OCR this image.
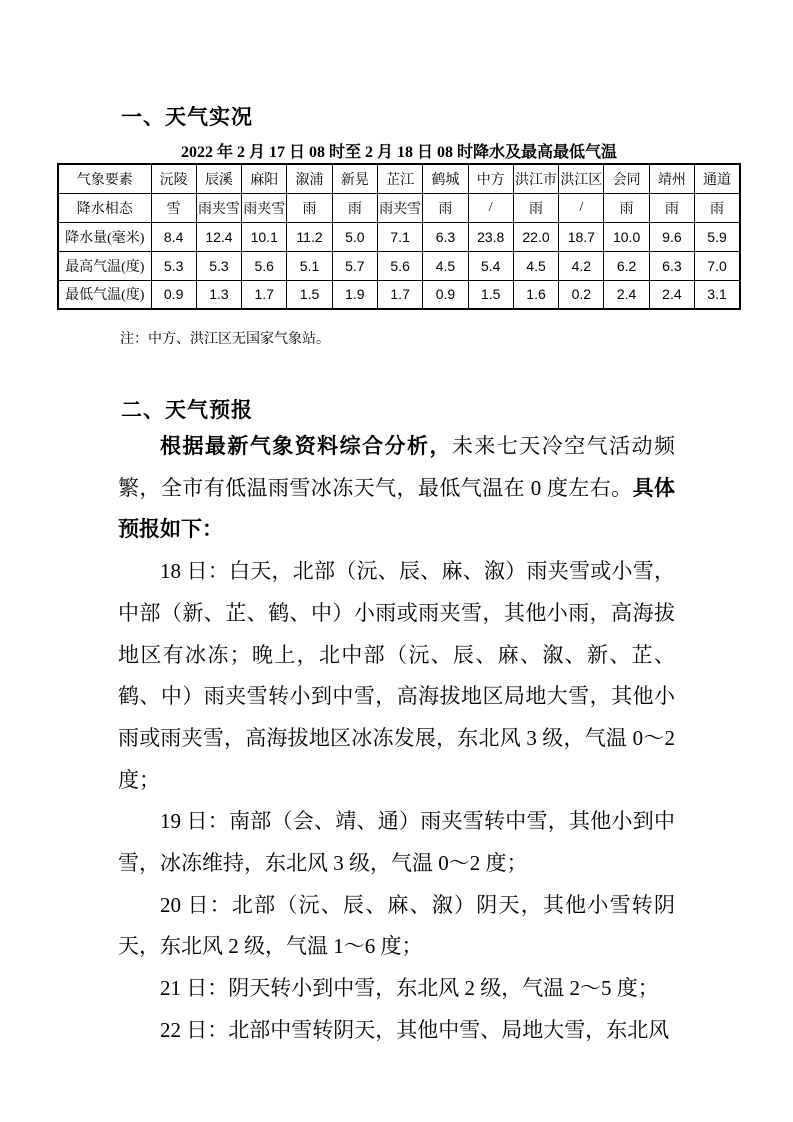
一、天气实况
2022 年 2 月 17 日 08 时至 2 月 18 日 08 时降水及最高最低气温
气象要素	沅陵	辰溪	麻阳	溆浦	新晃	芷江	鹤城	中方	洪江市	洪江区	会同	靖州	通道
降水相态	雪	雨夹雪	雨夹雪	雨	雨	雨夹雪	雨	/	雨	/	雨	雨	雨
降水量(毫米)	8.4	12.4	10.1	11.2	5.0	7.1	6.3	23.8	22.0	18.7	10.0	9.6	5.9
最高气温(度)	5.3	5.3	5.6	5.1	5.7	5.6	4.5	5.4	4.5	4.2	6.2	6.3	7.0
最低气温(度)	0.9	1.3	1.7	1.5	1.9	1.7	0.9	1.5	1.6	0.2	2.4	2.4	3.1
注：中方、洪江区无国家气象站。
二、天气预报

根据最新气象资料综合分析，未来七天冷空气活动频繁，全市有低温雨雪冰冻天气，最低气温在 0 度左右。具体预报如下：

18 日：白天，北部（沅、辰、麻、溆）雨夹雪或小雪，中部（新、芷、鹤、中）小雨或雨夹雪，其他小雨，高海拔地区有冰冻；晚上，北中部（沅、辰、麻、溆、新、芷、鹤、中）雨夹雪转小到中雪，高海拔地区局地大雪，其他小雨或雨夹雪，高海拔地区冰冻发展，东北风 3 级，气温 0～2 度；

19 日：南部（会、靖、通）雨夹雪转中雪，其他小到中雪，冰冻维持，东北风 3 级，气温 0～2 度；

20 日：北部（沅、辰、麻、溆）阴天，其他小雪转阴天，东北风 2 级，气温 1～6 度；

21 日：阴天转小到中雪，东北风 2 级，气温 2～5 度；

22 日：北部中雪转阴天，其他中雪、局地大雪，东北风
